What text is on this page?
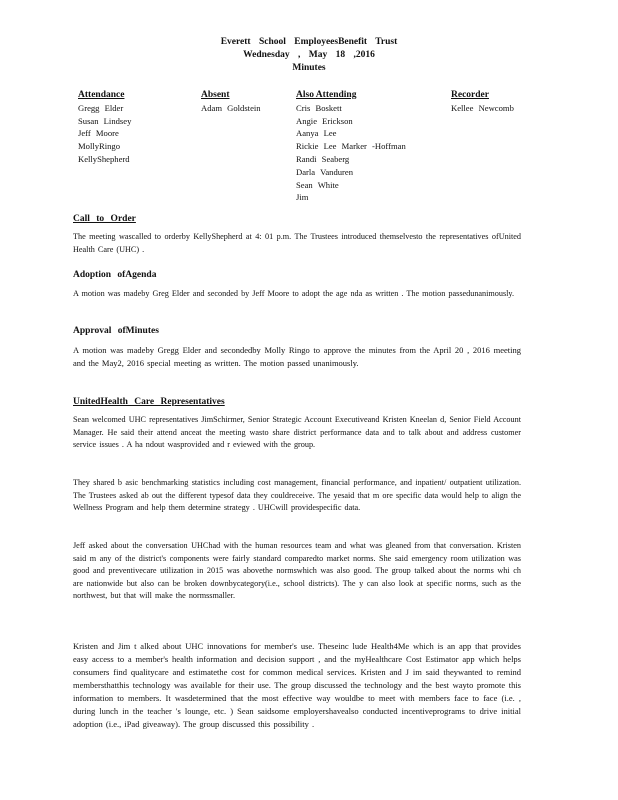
Everett School EmployeesBenefit Trust
Wednesday , May 18 ,2016
Minutes
Attendance
Gregg Elder
Susan Lindsey
Jeff Moore
MollyRingo
KellyShepherd
Absent
Adam Goldstein
Also Attending
Cris Boskett
Angie Erickson
Aanya Lee
Rickie Lee Marker -Hoffman
Randi Seaberg
Darla Vanduren
Sean White
Jim
Recorder
Kellee Newcomb
Call to Order
The meeting wascalled to orderby KellyShepherd at 4: 01 p.m. The Trustees introduced themselvesto the representatives ofUnited Health Care (UHC) .
Adoption ofAgenda
A motion was madeby Greg Elder and seconded by Jeff Moore to adopt the age nda as written . The motion passedunanimously.
Approval ofMinutes
A motion was madeby Gregg Elder and secondedby Molly Ringo to approve the minutes from the April 20 , 2016 meeting and the May2, 2016 special meeting as written. The motion passed unanimously.
UnitedHealth Care Representatives
Sean welcomed UHC representatives JimSchirmer, Senior Strategic Account Executiveand Kristen Kneelan d, Senior Field Account Manager. He said their attend anceat the meeting wasto share district performance data and to talk about and address customer service issues . A ha ndout wasprovided and r eviewed with the group.
They shared b asic benchmarking statistics including cost management, financial performance, and inpatient/ outpatient utilization. The Trustees asked ab out the different typesof data they couldreceive. The yesaid that m ore specific data would help to align the Wellness Program and help them determine strategy . UHCwill providespecific data.
Jeff asked about the conversation UHChad with the human resources team and what was gleaned from that conversation. Kristen said m any of the district's components were fairly standard comparedto market norms. She said emergency room utilization was good and preventivecare utilization in 2015 was abovethe normswhich was also good. The group talked about the norms whi ch are nationwide but also can be broken downbycategory(i.e., school districts). The y can also look at specific norms, such as the northwest, but that will make the normssmaller.
Kristen and Jim t alked about UHC innovations for member's use. Theseinc lude Health4Me which is an app that provides easy access to a member's health information and decision support , and the myHealthcare Cost Estimator app which helps consumers find qualitycare and estimatethe cost for common medical services. Kristen and J im said theywanted to remind membersthatthis technology was available for their use. The group discussed the technology and the best wayto promote this information to members. It wasdetermined that the most effective way wouldbe to meet with members face to face (i.e. , during lunch in the teacher 's lounge, etc. ) Sean saidsome employershavealso conducted incentiveprograms to drive initial adoption (i.e., iPad giveaway). The group discussed this possibility .
